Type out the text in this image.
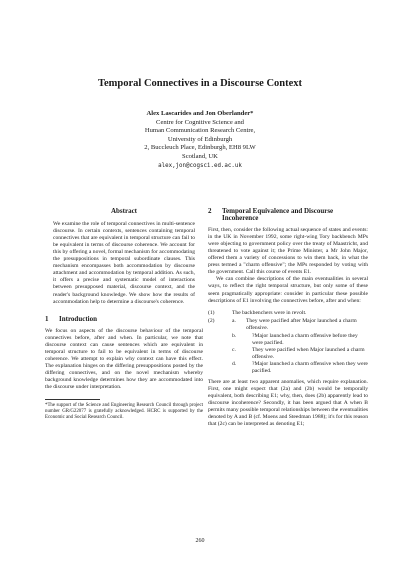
Temporal Connectives in a Discourse Context
Alex Lascarides and Jon Oberlander*
Centre for Cognitive Science and
Human Communication Research Centre,
University of Edinburgh
2, Buccleuch Place, Edinburgh, EH8 9LW
Scotland, UK
alex,jon@cogsci.ed.ac.uk
Abstract

We examine the role of temporal connectives in multi-sentence discourse. In certain contexts, sentences containing temporal connectives that are equivalent in temporal structure can fail to be equivalent in terms of discourse coherence. We account for this by offering a novel, formal mechanism for accommodating the presuppositions in temporal subordinate clauses. This mechanism encompasses both accommodation by discourse attachment and accommodation by temporal addition. As such, it offers a precise and systematic model of interactions between presupposed material, discourse context, and the reader's background knowledge. We show how the results of accommodation help to determine a discourse's coherence.

1	Introduction

We focus on aspects of the discourse behaviour of the temporal connectives before, after and when. In particular, we note that discourse context can cause sentences which are equivalent in temporal structure to fail to be equivalent in terms of discourse coherence. We attempt to explain why context can have this effect. The explanation hinges on the differing presuppositions posted by the differing connectives, and on the novel mechanism whereby background knowledge determines how they are accommodated into the discourse under interpretation.

*The support of the Science and Engineering Research Council through project number GR/G22077 is gratefully acknowledged. HCRC is supported by the Economic and Social Research Council.

2	Temporal Equivalence and Discourse Incoherence

First, then, consider the following actual sequence of states and events: in the UK in November 1992, some right-wing Tory backbench MPs were objecting to government policy over the treaty of Maastricht, and threatened to vote against it; the Prime Minister, a Mr John Major, offered them a variety of concessions to win them back, in what the press termed a "charm offensive"; the MPs responded by voting with the government. Call this course of events E1.

We can combine descriptions of the main eventualities in several ways, to reflect the right temporal structure, but only some of these seem pragmatically appropriate: consider in particular these possible descriptions of E1 involving the connectives before, after and when:

(1)	The backbenchers were in revolt.
(2)	a.	They were pacified after Major launched a charm offensive.
b.	?Major launched a charm offensive before they were pacified.
c.	They were pacified when Major launched a charm offensive.
d.	?Major launched a charm offensive when they were pacified.

There are at least two apparent anomalies, which require explanation. First, one might expect that (2a) and (2b) would be temporally equivalent, both describing E1; why, then, does (2b) apparently lead to discourse incoherence? Secondly, it has been argued that A when B permits many possible temporal relationships between the eventualities denoted by A and B (cf. Moens and Steedman 1988); it's for this reason that (2c) can be interpreted as denoting E1;

260
